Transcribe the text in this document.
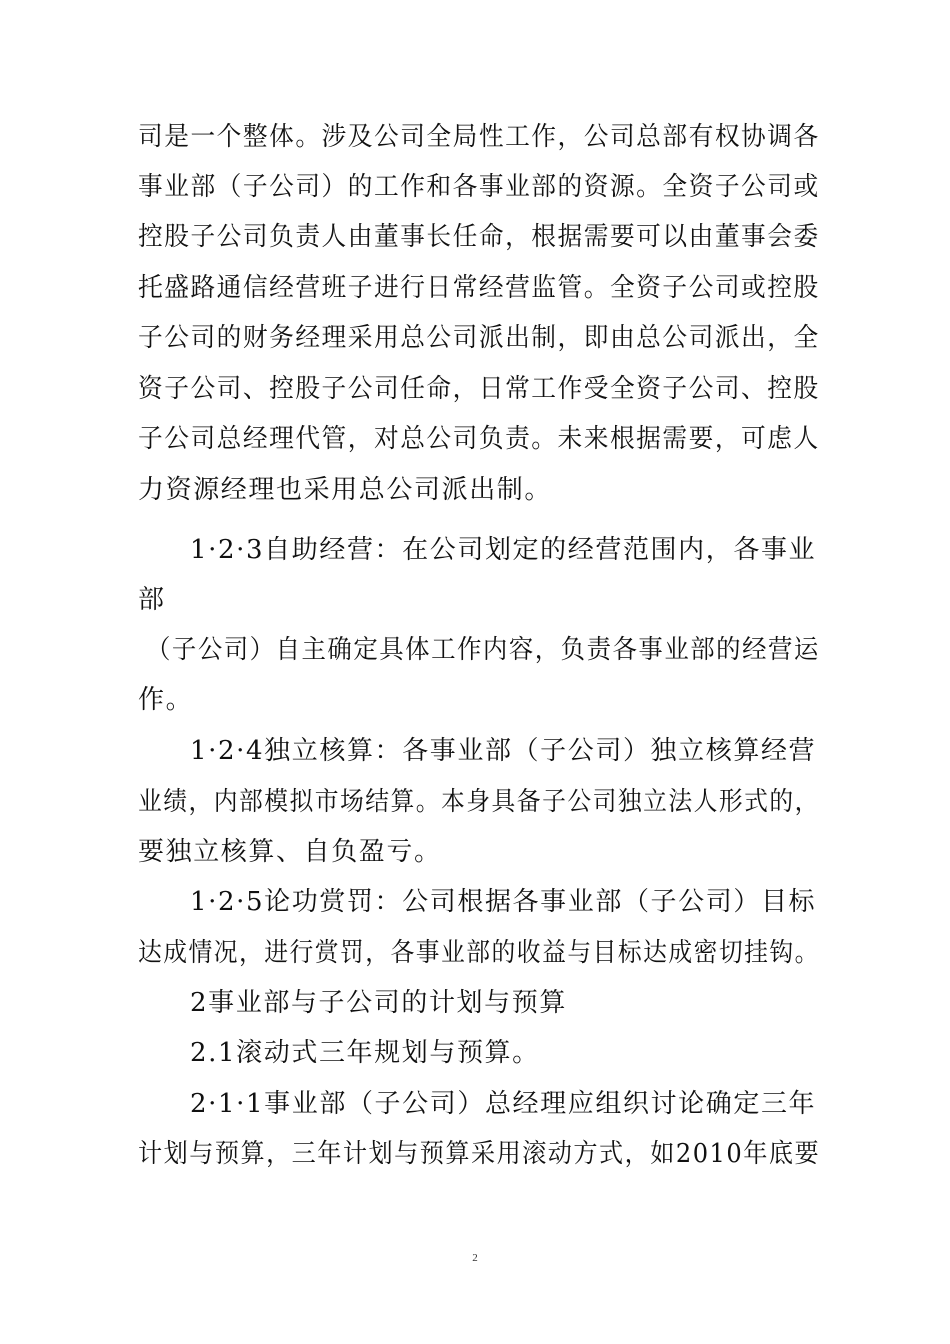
司是一个整体。涉及公司全局性工作，公司总部有权协调各
事业部（子公司）的工作和各事业部的资源。全资子公司或
控股子公司负责人由董事长任命，根据需要可以由董事会委
托盛路通信经营班子进行日常经营监管。全资子公司或控股
子公司的财务经理采用总公司派出制，即由总公司派出，全
资子公司、控股子公司任命，日常工作受全资子公司、控股
子公司总经理代管，对总公司负责。未来根据需要，可虑人
力资源经理也采用总公司派出制。
1·2·3自助经营：在公司划定的经营范围内，各事业
部
（子公司）自主确定具体工作内容，负责各事业部的经营运
作。
1·2·4独立核算：各事业部（子公司）独立核算经营
业绩，内部模拟市场结算。本身具备子公司独立法人形式的，
要独立核算、自负盈亏。
1·2·5论功赏罚：公司根据各事业部（子公司）目标
达成情况，进行赏罚，各事业部的收益与目标达成密切挂钩。
2事业部与子公司的计划与预算
2.1滚动式三年规划与预算。
2·1·1事业部（子公司）总经理应组织讨论确定三年
计划与预算，三年计划与预算采用滚动方式，如2010年底要
2
